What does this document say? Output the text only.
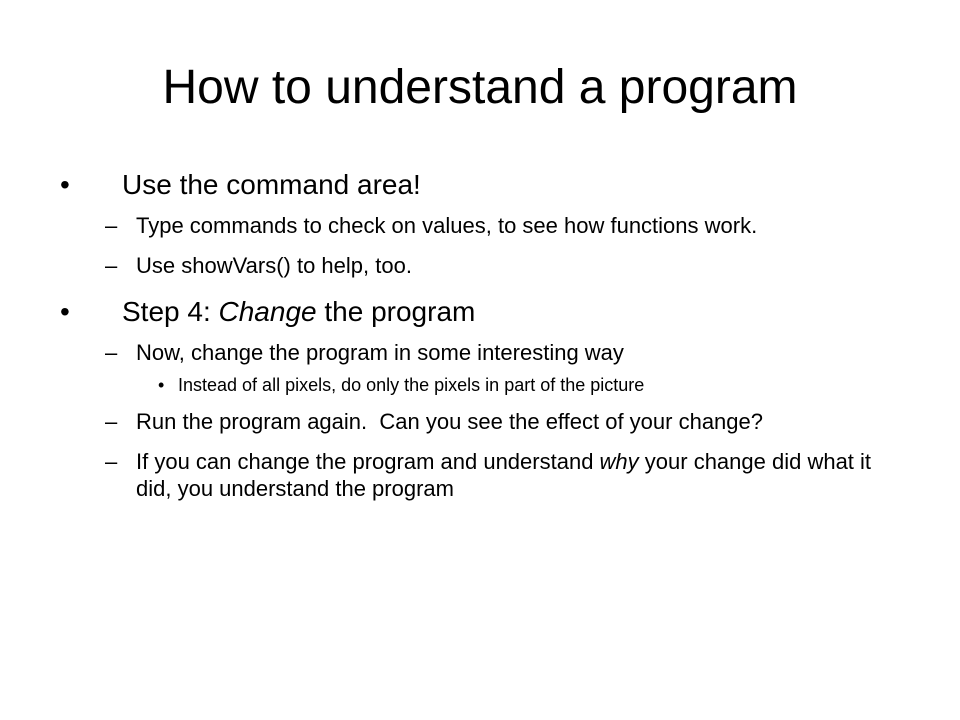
How to understand a program
•	Use the command area!
– Type commands to check on values, to see how functions work.
– Use showVars() to help, too.
•	Step 4: Change the program
– Now, change the program in some interesting way
• Instead of all pixels, do only the pixels in part of the picture
– Run the program again.  Can you see the effect of your change?
– If you can change the program and understand why your change did what it did, you understand the program
